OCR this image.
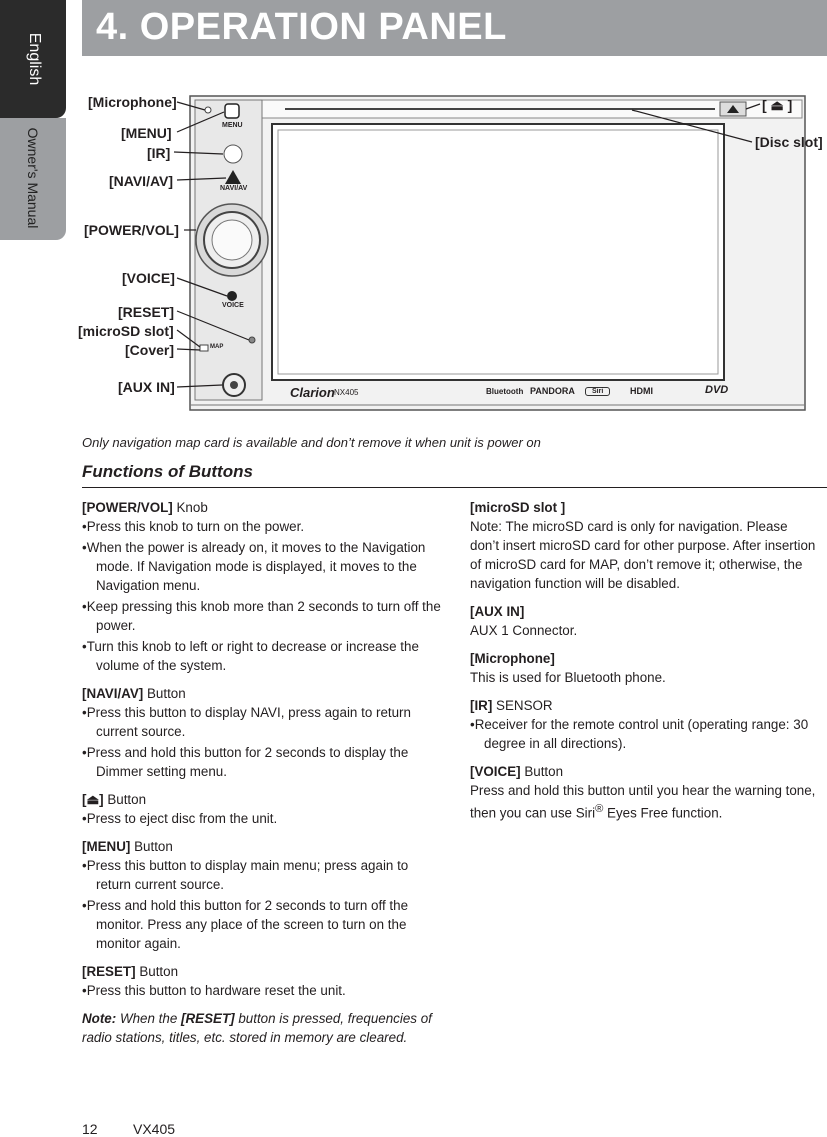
English
Owner's Manual
4. OPERATION PANEL
MENU
NAVI/AV
VOICE
MAP
Clarion NX405	Bluetooth PANDORA	Siri	HDMI	DVD
[Microphone]
[MENU]
[IR]
[NAVI/AV]
[POWER/VOL]
[VOICE]
[RESET]
[microSD slot]
[Cover]
[AUX IN]
[ ⏏ ]
[Disc slot]
Only navigation map card is available and don’t remove it when unit is power on
Functions of Buttons

[POWER/VOL] Knob

• Press this knob to turn on the power.
• When the power is already on, it moves to the Navigation mode. If Navigation mode is displayed, it moves to the Navigation menu.
• Keep pressing this knob more than 2 seconds to turn off the power.
• Turn this knob to left or right to decrease or increase the volume of the system.

[NAVI/AV] Button

• Press this button to display NAVI, press again to return current source.
• Press and hold this button for 2 seconds to display the Dimmer setting menu.

[⏏] Button

• Press to eject disc from the unit.

[MENU] Button

• Press this button to display main menu; press again to return current source.
• Press and hold this button for 2 seconds to turn off the monitor. Press any place of the screen to turn on the monitor again.

[RESET] Button

• Press this button to hardware reset the unit.

Note: When the [RESET] button is pressed, frequencies of radio stations, titles, etc. stored in memory are cleared.

[microSD slot ]

Note: The microSD card is only for navigation. Please don’t insert microSD card for other purpose. After insertion of microSD card for MAP, don’t remove it; otherwise, the navigation function will be disabled.

[AUX IN]

AUX 1 Connector.

[Microphone]

This is used for Bluetooth phone.

[IR] SENSOR

•Receiver for the remote control unit (operating range: 30 degree in all directions).

[VOICE] Button

Press and hold this button until you hear the warning tone, then you can use Siri® Eyes Free function.

12	VX405
